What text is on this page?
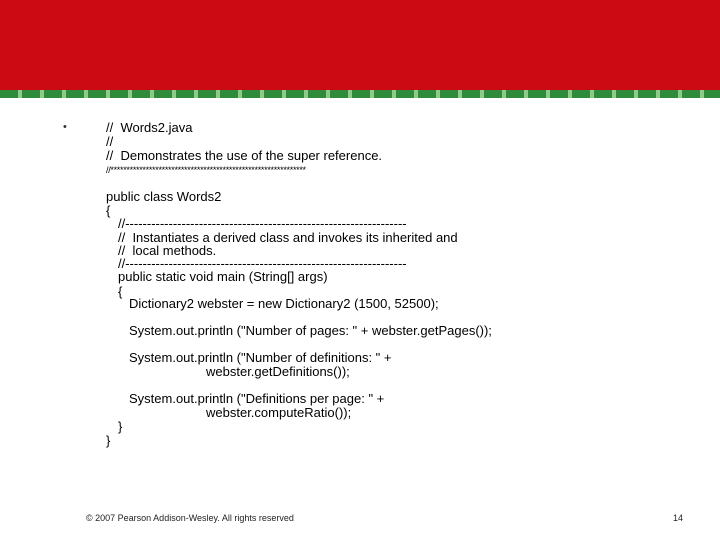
•	//  Words2.java
//
//  Demonstrates the use of the super reference.
//*************************************************************
public class Words2
{
//-----------------------------------------------------------------
//  Instantiates a derived class and invokes its inherited and
//  local methods.
//-----------------------------------------------------------------
public static void main (String[] args)
{
Dictionary2 webster = new Dictionary2 (1500, 52500);
System.out.println ("Number of pages: " + webster.getPages());
System.out.println ("Number of definitions: " +
webster.getDefinitions());
System.out.println ("Definitions per page: " +
webster.computeRatio());
}
}
© 2007 Pearson Addison-Wesley. All rights reserved	14
